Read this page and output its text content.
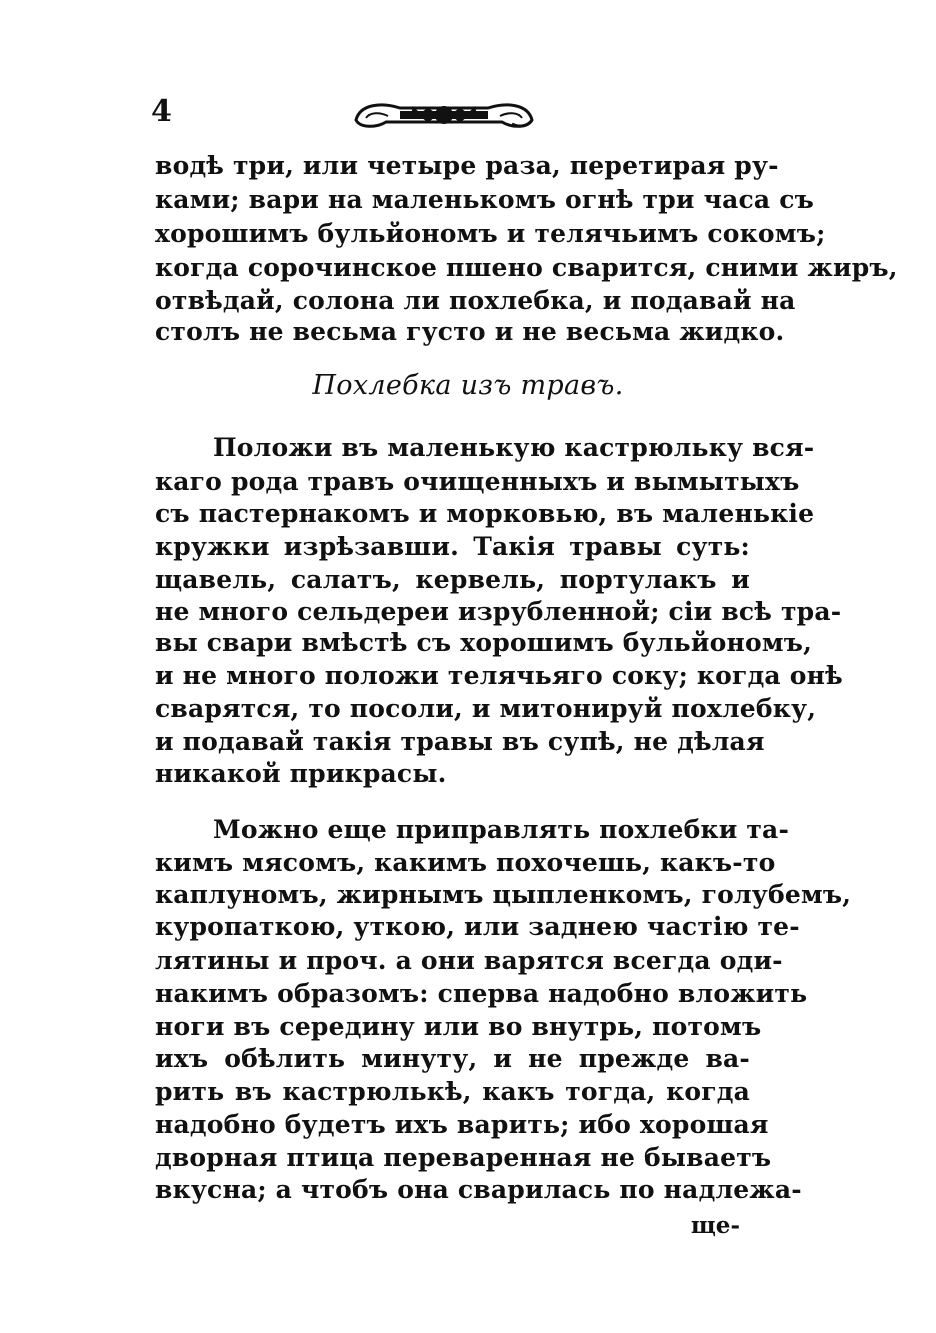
4
водѣ три, или четыре раза, перетирая ру-
ками; вари на маленькомъ огнѣ три часа съ
хорошимъ бульйономъ и телячьимъ сокомъ;
когда сорочинское пшено сварится, сними жиръ,
отвѣдай, солона ли похлебка, и подавай на
столъ не весьма густо и не весьма жидко.
Похлебка изъ травъ.
Положи въ маленькую кастрюльку вся-
каго рода травъ очищенныхъ и вымытыхъ
съ пастернакомъ и морковью, въ маленькіе
кружки изрѣзавши. Такія травы суть:
щавель, салатъ, кервель, портулакъ и
не много сельдереи изрубленной; сіи всѣ тра-
вы свари вмѣстѣ съ хорошимъ бульйономъ,
и не много положи телячьяго соку; когда онѣ
сварятся, то посоли, и митонируй похлебку,
и подавай такія травы въ супѣ, не дѣлая
никакой прикрасы.
Можно еще приправлять похлебки та-
кимъ мясомъ, какимъ похочешь, какъ-то
каплуномъ, жирнымъ цыпленкомъ, голубемъ,
куропаткою, уткою, или заднею частію те-
лятины и проч. а они варятся всегда оди-
накимъ образомъ: сперва надобно вложить
ноги въ середину или во внутрь, потомъ
ихъ обѣлить минуту, и не прежде ва-
рить въ кастрюлькѣ, какъ тогда, когда
надобно будетъ ихъ варить; ибо хорошая
дворная птица переваренная не бываетъ
вкусна; а чтобъ она сварилась по надлежа-
ще-
